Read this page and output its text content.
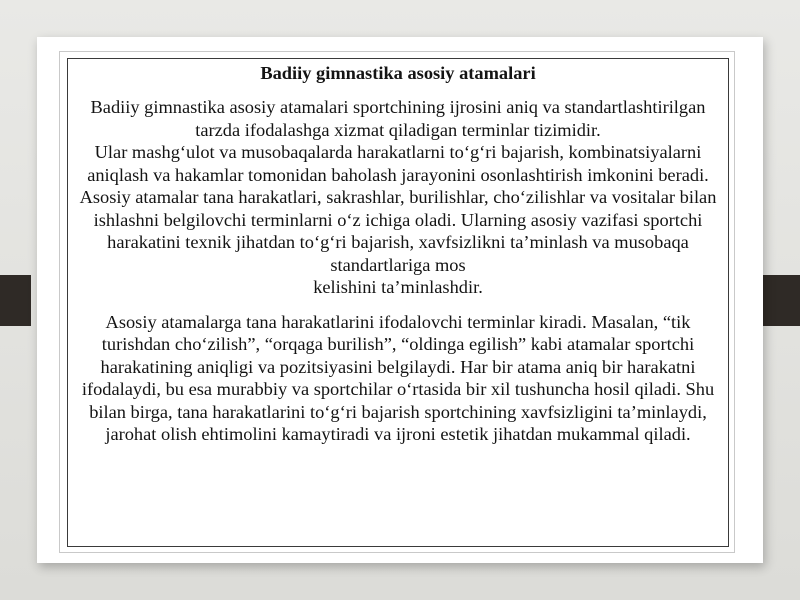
Badiiy gimnastika asosiy atamalari

Badiiy gimnastika asosiy atamalari sportchining ijrosini aniq va standartlashtirilgan tarzda ifodalashga xizmat qiladigan terminlar tizimidir.

Ular mashg‘ulot va musobaqalarda harakatlarni to‘g‘ri bajarish, kombinatsiyalarni aniqlash va hakamlar tomonidan baholash jarayonini osonlashtirish imkonini beradi. Asosiy atamalar tana harakatlari, sakrashlar, burilishlar, cho‘zilishlar va vositalar bilan ishlashni belgilovchi terminlarni o‘z ichiga oladi. Ularning asosiy vazifasi sportchi harakatini texnik jihatdan to‘g‘ri bajarish, xavfsizlikni ta’minlash va musobaqa standartlariga mos

kelishini ta’minlashdir.

Asosiy atamalarga tana harakatlarini ifodalovchi terminlar kiradi. Masalan, “tik turishdan cho‘zilish”, “orqaga burilish”, “oldinga egilish” kabi atamalar sportchi harakatining aniqligi va pozitsiyasini belgilaydi. Har bir atama aniq bir harakatni ifodalaydi, bu esa murabbiy va sportchilar o‘rtasida bir xil tushuncha hosil qiladi. Shu bilan birga, tana harakatlarini to‘g‘ri bajarish sportchining xavfsizligini ta’minlaydi, jarohat olish ehtimolini kamaytiradi va ijroni estetik jihatdan mukammal qiladi.
